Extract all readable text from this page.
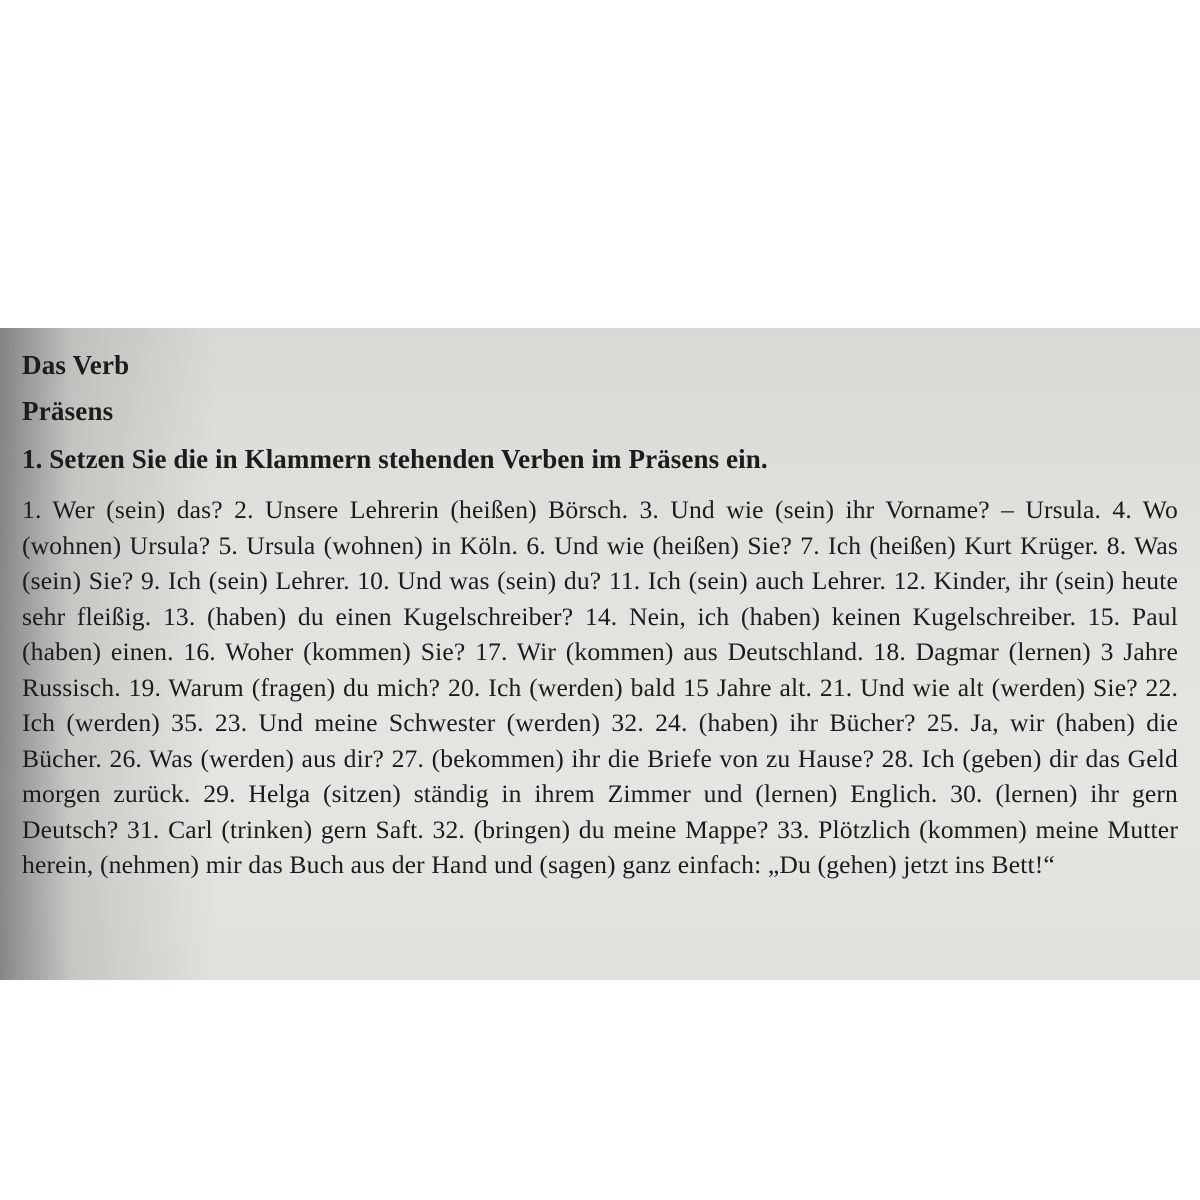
Das Verb
Präsens
1. Setzen Sie die in Klammern stehenden Verben im Präsens ein.
1. Wer (sein) das? 2. Unsere Lehrerin (heißen) Börsch. 3. Und wie (sein) ihr Vorname? – Ursula. 4. Wo (wohnen) Ursula? 5. Ursula (wohnen) in Köln. 6. Und wie (heißen) Sie? 7. Ich (heißen) Kurt Krüger. 8. Was (sein) Sie? 9. Ich (sein) Lehrer. 10. Und was (sein) du? 11. Ich (sein) auch Lehrer. 12. Kinder, ihr (sein) heute sehr fleißig. 13. (haben) du einen Kugelschreiber? 14. Nein, ich (haben) keinen Kugelschreiber. 15. Paul (haben) einen. 16. Woher (kommen) Sie? 17. Wir (kommen) aus Deutschland. 18. Dagmar (lernen) 3 Jahre Russisch. 19. Warum (fragen) du mich? 20. Ich (werden) bald 15 Jahre alt. 21. Und wie alt (werden) Sie? 22. Ich (werden) 35. 23. Und meine Schwester (werden) 32. 24. (haben) ihr Bücher? 25. Ja, wir (haben) die Bücher. 26. Was (werden) aus dir? 27. (bekommen) ihr die Briefe von zu Hause? 28. Ich (geben) dir das Geld morgen zurück. 29. Helga (sitzen) ständig in ihrem Zimmer und (lernen) Englich. 30. (lernen) ihr gern Deutsch? 31. Carl (trinken) gern Saft. 32. (bringen) du meine Mappe? 33. Plötzlich (kommen) meine Mutter herein, (nehmen) mir das Buch aus der Hand und (sagen) ganz einfach: „Du (gehen) jetzt ins Bett!“
